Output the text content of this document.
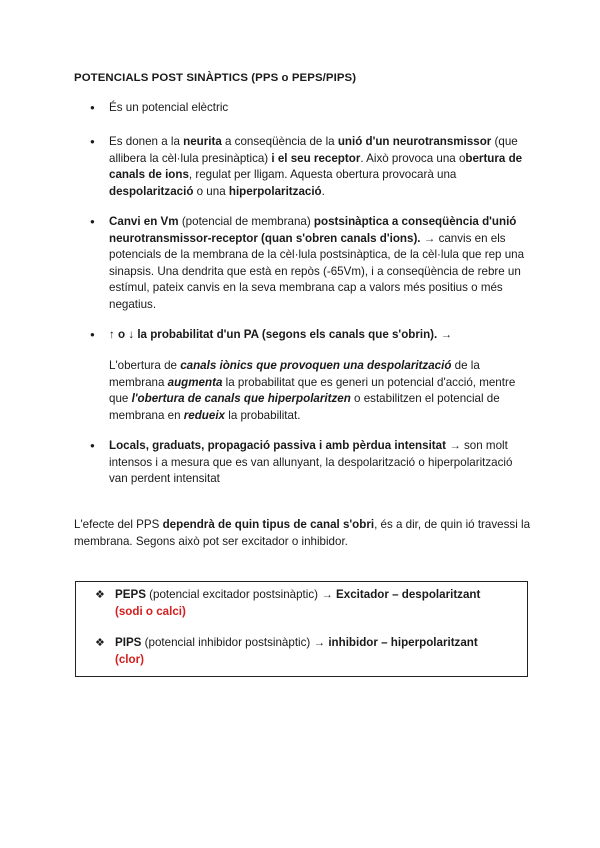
POTENCIALS POST SINÀPTICS (PPS o PEPS/PIPS)
● És un potencial elèctric
● Es donen a la neurita a conseqüència de la unió d'un neurotransmissor (que allibera la cèl·lula presinàptica) i el seu receptor. Això provoca una obertura de canals de ions, regulat per lligam. Aquesta obertura provocarà una despolarització o una hiperpolarització.
● Canvi en Vm (potencial de membrana) postsinàptica a conseqüència d'unió neurotransmissor-receptor (quan s'obren canals d'ions). → canvis en els potencials de la membrana de la cèl·lula postsinàptica, de la cèl·lula que rep una sinapsis. Una dendrita que està en repòs (-65Vm), i a conseqüència de rebre un estímul, pateix canvis en la seva membrana cap a valors més positius o més negatius.
● ↑ o ↓ la probabilitat d'un PA (segons els canals que s'obrin). →
L'obertura de canals iònics que provoquen una despolarització de la membrana augmenta la probabilitat que es generi un potencial d'acció, mentre que l'obertura de canals que hiperpolaritzen o estabilitzen el potencial de membrana en redueix la probabilitat.
● Locals, graduats, propagació passiva i amb pèrdua intensitat → son molt intensos i a mesura que es van allunyant, la despolarització o hiperpolarització van perdent intensitat
L'efecte del PPS dependrà de quin tipus de canal s'obri, és a dir, de quin ió travessi la membrana. Segons això pot ser excitador o inhibidor.
❖ PEPS (potencial excitador postsinàptic) → Excitador – despolaritzant
(sodi o calci)
❖ PIPS (potencial inhibidor postsinàptic) → inhibidor – hiperpolaritzant
(clor)
